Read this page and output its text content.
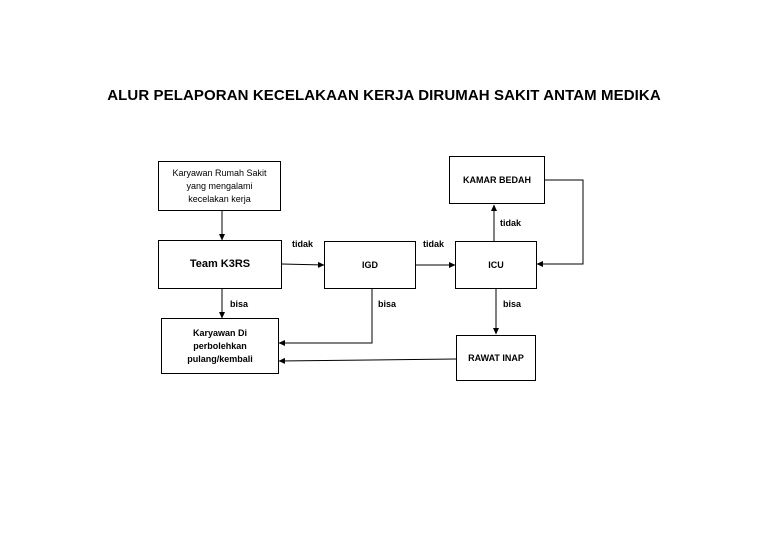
ALUR PELAPORAN KECELAKAAN KERJA DIRUMAH SAKIT ANTAM MEDIKA
Karyawan Rumah Sakit
yang mengalami
kecelakan kerja
Team K3RS	IGD	ICU
KAMAR BEDAH
RAWAT INAP
Karyawan Di
perbolehkan
pulang/kembali
tidak	tidak
tidak
bisa	bisa	bisa
